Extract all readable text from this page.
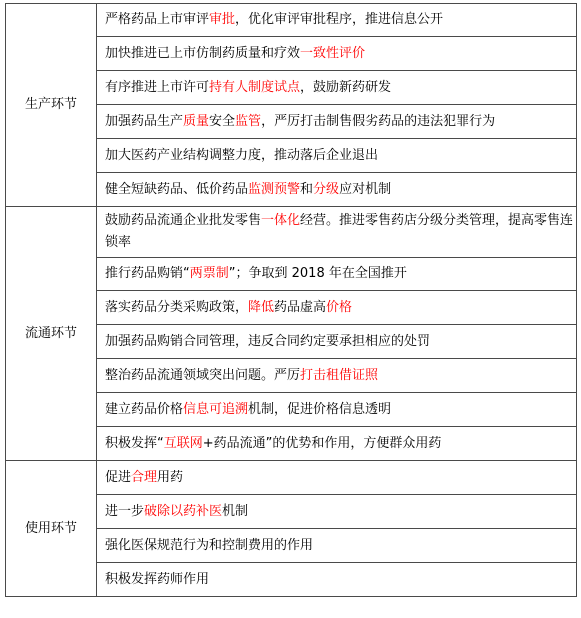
生产环节	严格药品上市审评审批，优化审评审批程序，推进信息公开
	加快推进已上市仿制药质量和疗效一致性评价
	有序推进上市许可持有人制度试点，鼓励新药研发
	加强药品生产质量安全监管，严厉打击制售假劣药品的违法犯罪行为
	加大医药产业结构调整力度，推动落后企业退出
	健全短缺药品、低价药品监测预警和分级应对机制
流通环节	鼓励药品流通企业批发零售一体化经营。推进零售药店分级分类管理，提高零售连锁率
	推行药品购销“两票制”；争取到 2018 年在全国推开
	落实药品分类采购政策，降低药品虚高价格
	加强药品购销合同管理，违反合同约定要承担相应的处罚
	整治药品流通领域突出问题。严厉打击租借证照
	建立药品价格信息可追溯机制，促进价格信息透明
	积极发挥“互联网+药品流通”的优势和作用，方便群众用药
使用环节	促进合理用药
	进一步破除以药补医机制
	强化医保规范行为和控制费用的作用
	积极发挥药师作用
